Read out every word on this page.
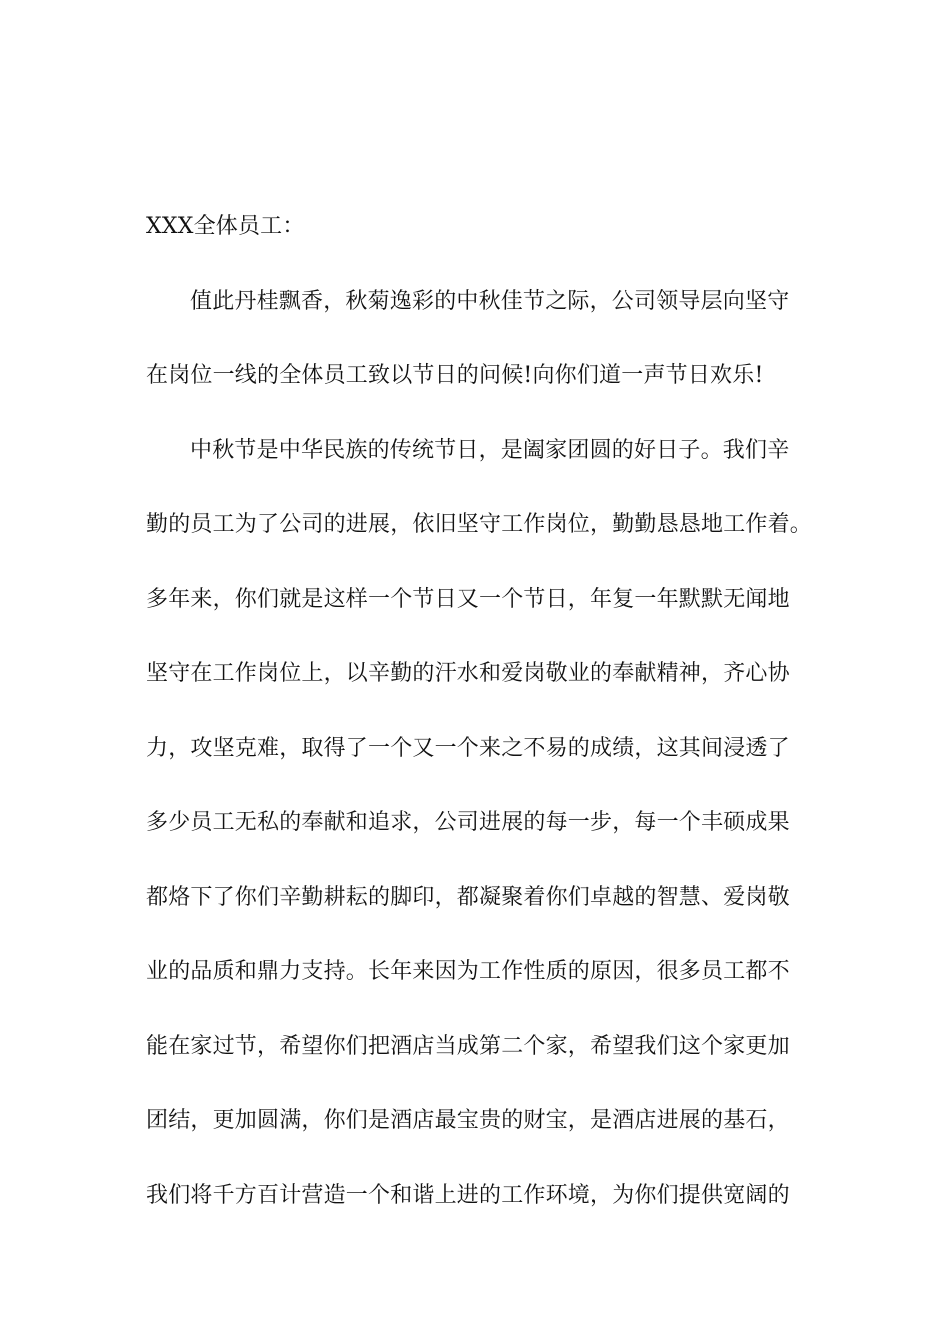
XXX全体员工：
值此丹桂飘香，秋菊逸彩的中秋佳节之际，公司领导层向坚守
在岗位一线的全体员工致以节日的问候!向你们道一声节日欢乐!
中秋节是中华民族的传统节日，是阖家团圆的好日子。我们辛
勤的员工为了公司的进展，依旧坚守工作岗位，勤勤恳恳地工作着。
多年来，你们就是这样一个节日又一个节日，年复一年默默无闻地
坚守在工作岗位上，以辛勤的汗水和爱岗敬业的奉献精神，齐心协
力，攻坚克难，取得了一个又一个来之不易的成绩，这其间浸透了
多少员工无私的奉献和追求，公司进展的每一步，每一个丰硕成果
都烙下了你们辛勤耕耘的脚印，都凝聚着你们卓越的智慧、爱岗敬
业的品质和鼎力支持。长年来因为工作性质的原因，很多员工都不
能在家过节，希望你们把酒店当成第二个家，希望我们这个家更加
团结，更加圆满，你们是酒店最宝贵的财宝，是酒店进展的基石，
我们将千方百计营造一个和谐上进的工作环境，为你们提供宽阔的
